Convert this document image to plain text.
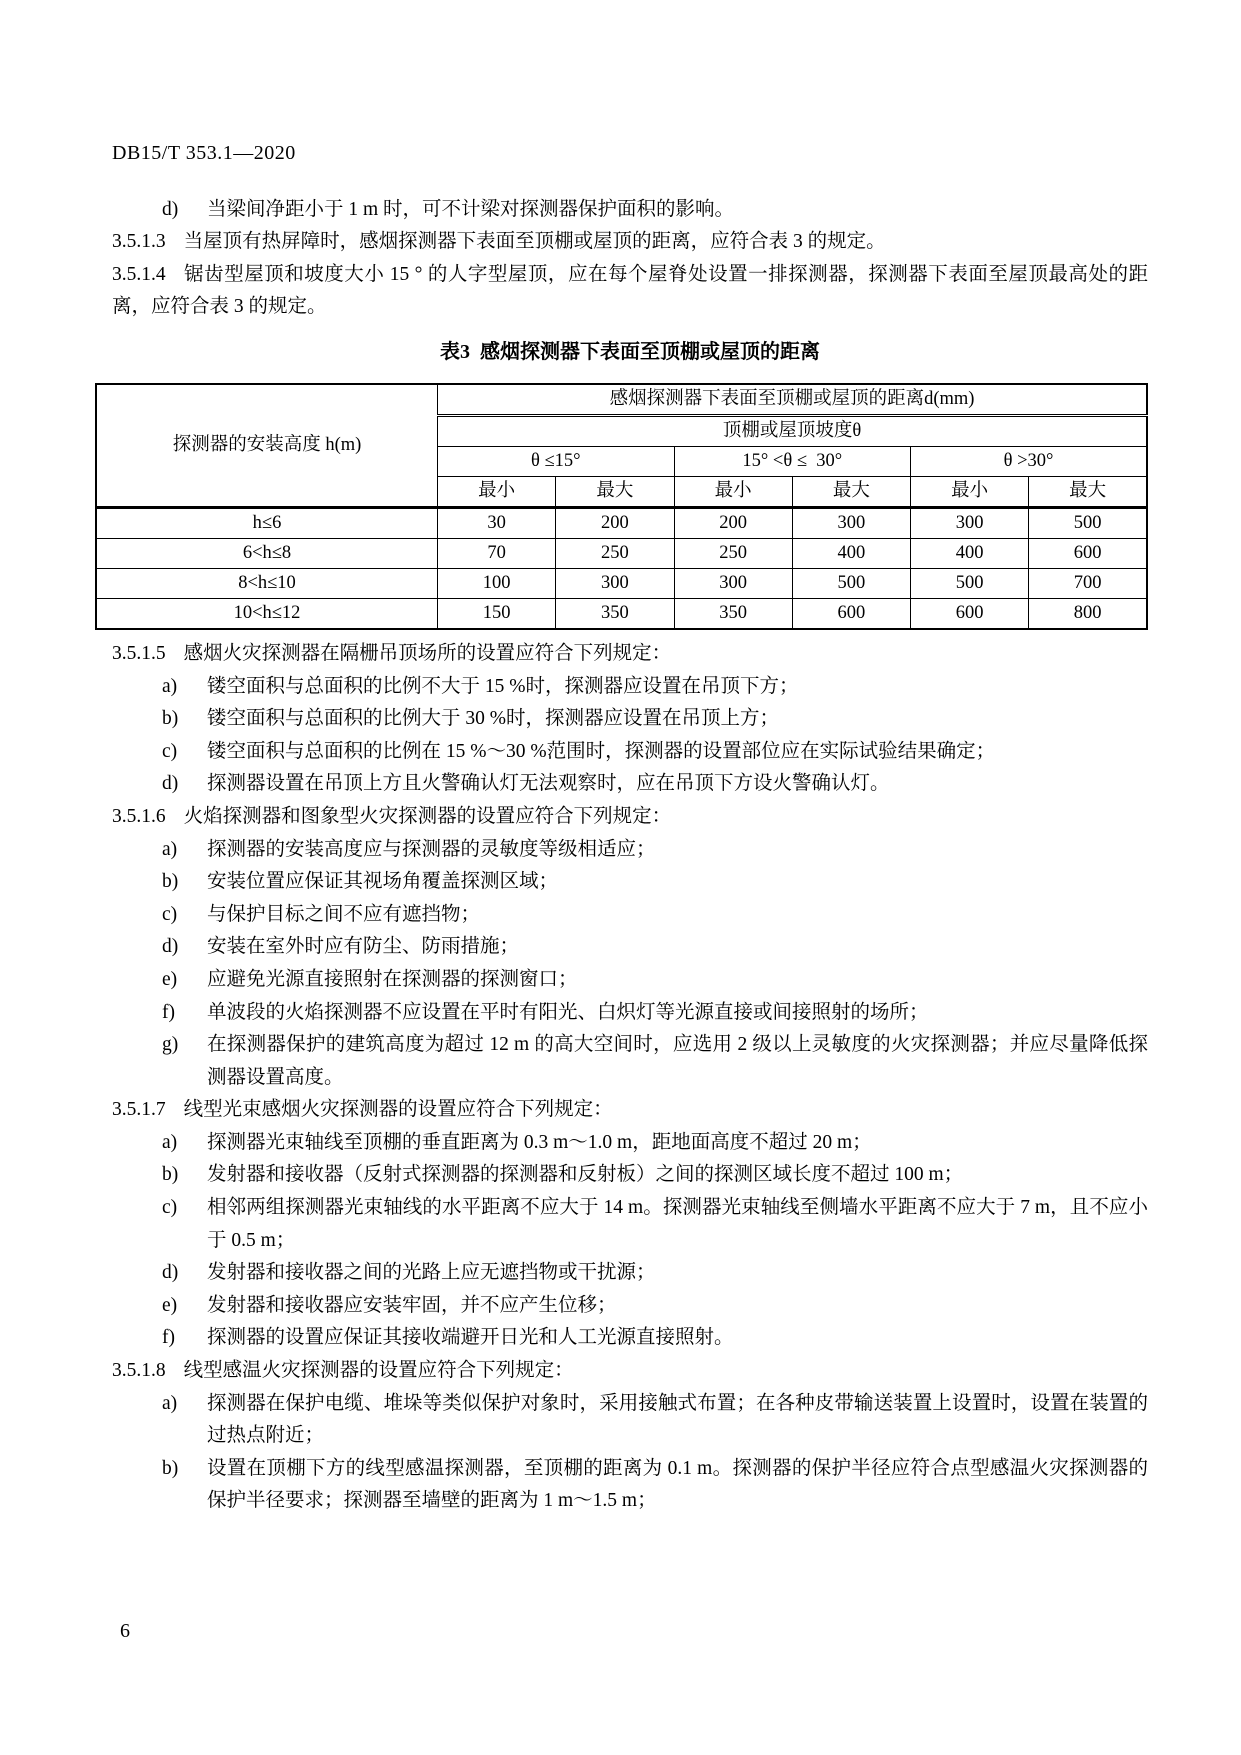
DB15/T 353.1—2020
d)	当梁间净距小于 1 m 时，可不计梁对探测器保护面积的影响。

3.5.1.3 当屋顶有热屏障时，感烟探测器下表面至顶棚或屋顶的距离，应符合表 3 的规定。

3.5.1.4 锯齿型屋顶和坡度大小 15 ° 的人字型屋顶，应在每个屋脊处设置一排探测器，探测器下表面至屋顶最高处的距离，应符合表 3 的规定。

表3  感烟探测器下表面至顶棚或屋顶的距离
探测器的安装高度 h(m)	感烟探测器下表面至顶棚或屋顶的距离d(mm)					
	顶棚或屋顶坡度θ					
	θ ≤15°		15° <θ ≤  30°		θ >30°	
	最小	最大	最小	最大	最小	最大
h≤6	30	200	200	300	300	500
6<h≤8	70	250	250	400	400	600
8<h≤10	100	300	300	500	500	700
10<h≤12	150	350	350	600	600	800

3.5.1.5 感烟火灾探测器在隔栅吊顶场所的设置应符合下列规定：

a)	镂空面积与总面积的比例不大于 15 %时，探测器应设置在吊顶下方；
b)	镂空面积与总面积的比例大于 30 %时，探测器应设置在吊顶上方；
c)	镂空面积与总面积的比例在 15 %～30 %范围时，探测器的设置部位应在实际试验结果确定；
d)	探测器设置在吊顶上方且火警确认灯无法观察时，应在吊顶下方设火警确认灯。

3.5.1.6 火焰探测器和图象型火灾探测器的设置应符合下列规定：

a)	探测器的安装高度应与探测器的灵敏度等级相适应；
b)	安装位置应保证其视场角覆盖探测区域；
c)	与保护目标之间不应有遮挡物；
d)	安装在室外时应有防尘、防雨措施；
e)	应避免光源直接照射在探测器的探测窗口；
f)	单波段的火焰探测器不应设置在平时有阳光、白炽灯等光源直接或间接照射的场所；
g)	在探测器保护的建筑高度为超过 12 m 的高大空间时，应选用 2 级以上灵敏度的火灾探测器；并应尽量降低探测器设置高度。

3.5.1.7 线型光束感烟火灾探测器的设置应符合下列规定：

a)	探测器光束轴线至顶棚的垂直距离为 0.3 m～1.0 m，距地面高度不超过 20 m；
b)	发射器和接收器（反射式探测器的探测器和反射板）之间的探测区域长度不超过 100 m；
c)	相邻两组探测器光束轴线的水平距离不应大于 14 m。探测器光束轴线至侧墙水平距离不应大于 7 m，且不应小于 0.5 m；
d)	发射器和接收器之间的光路上应无遮挡物或干扰源；
e)	发射器和接收器应安装牢固，并不应产生位移；
f)	探测器的设置应保证其接收端避开日光和人工光源直接照射。

3.5.1.8 线型感温火灾探测器的设置应符合下列规定：

a)	探测器在保护电缆、堆垛等类似保护对象时，采用接触式布置；在各种皮带输送装置上设置时，设置在装置的过热点附近；
b)	设置在顶棚下方的线型感温探测器，至顶棚的距离为 0.1 m。探测器的保护半径应符合点型感温火灾探测器的保护半径要求；探测器至墙壁的距离为 1 m～1.5 m；
6
